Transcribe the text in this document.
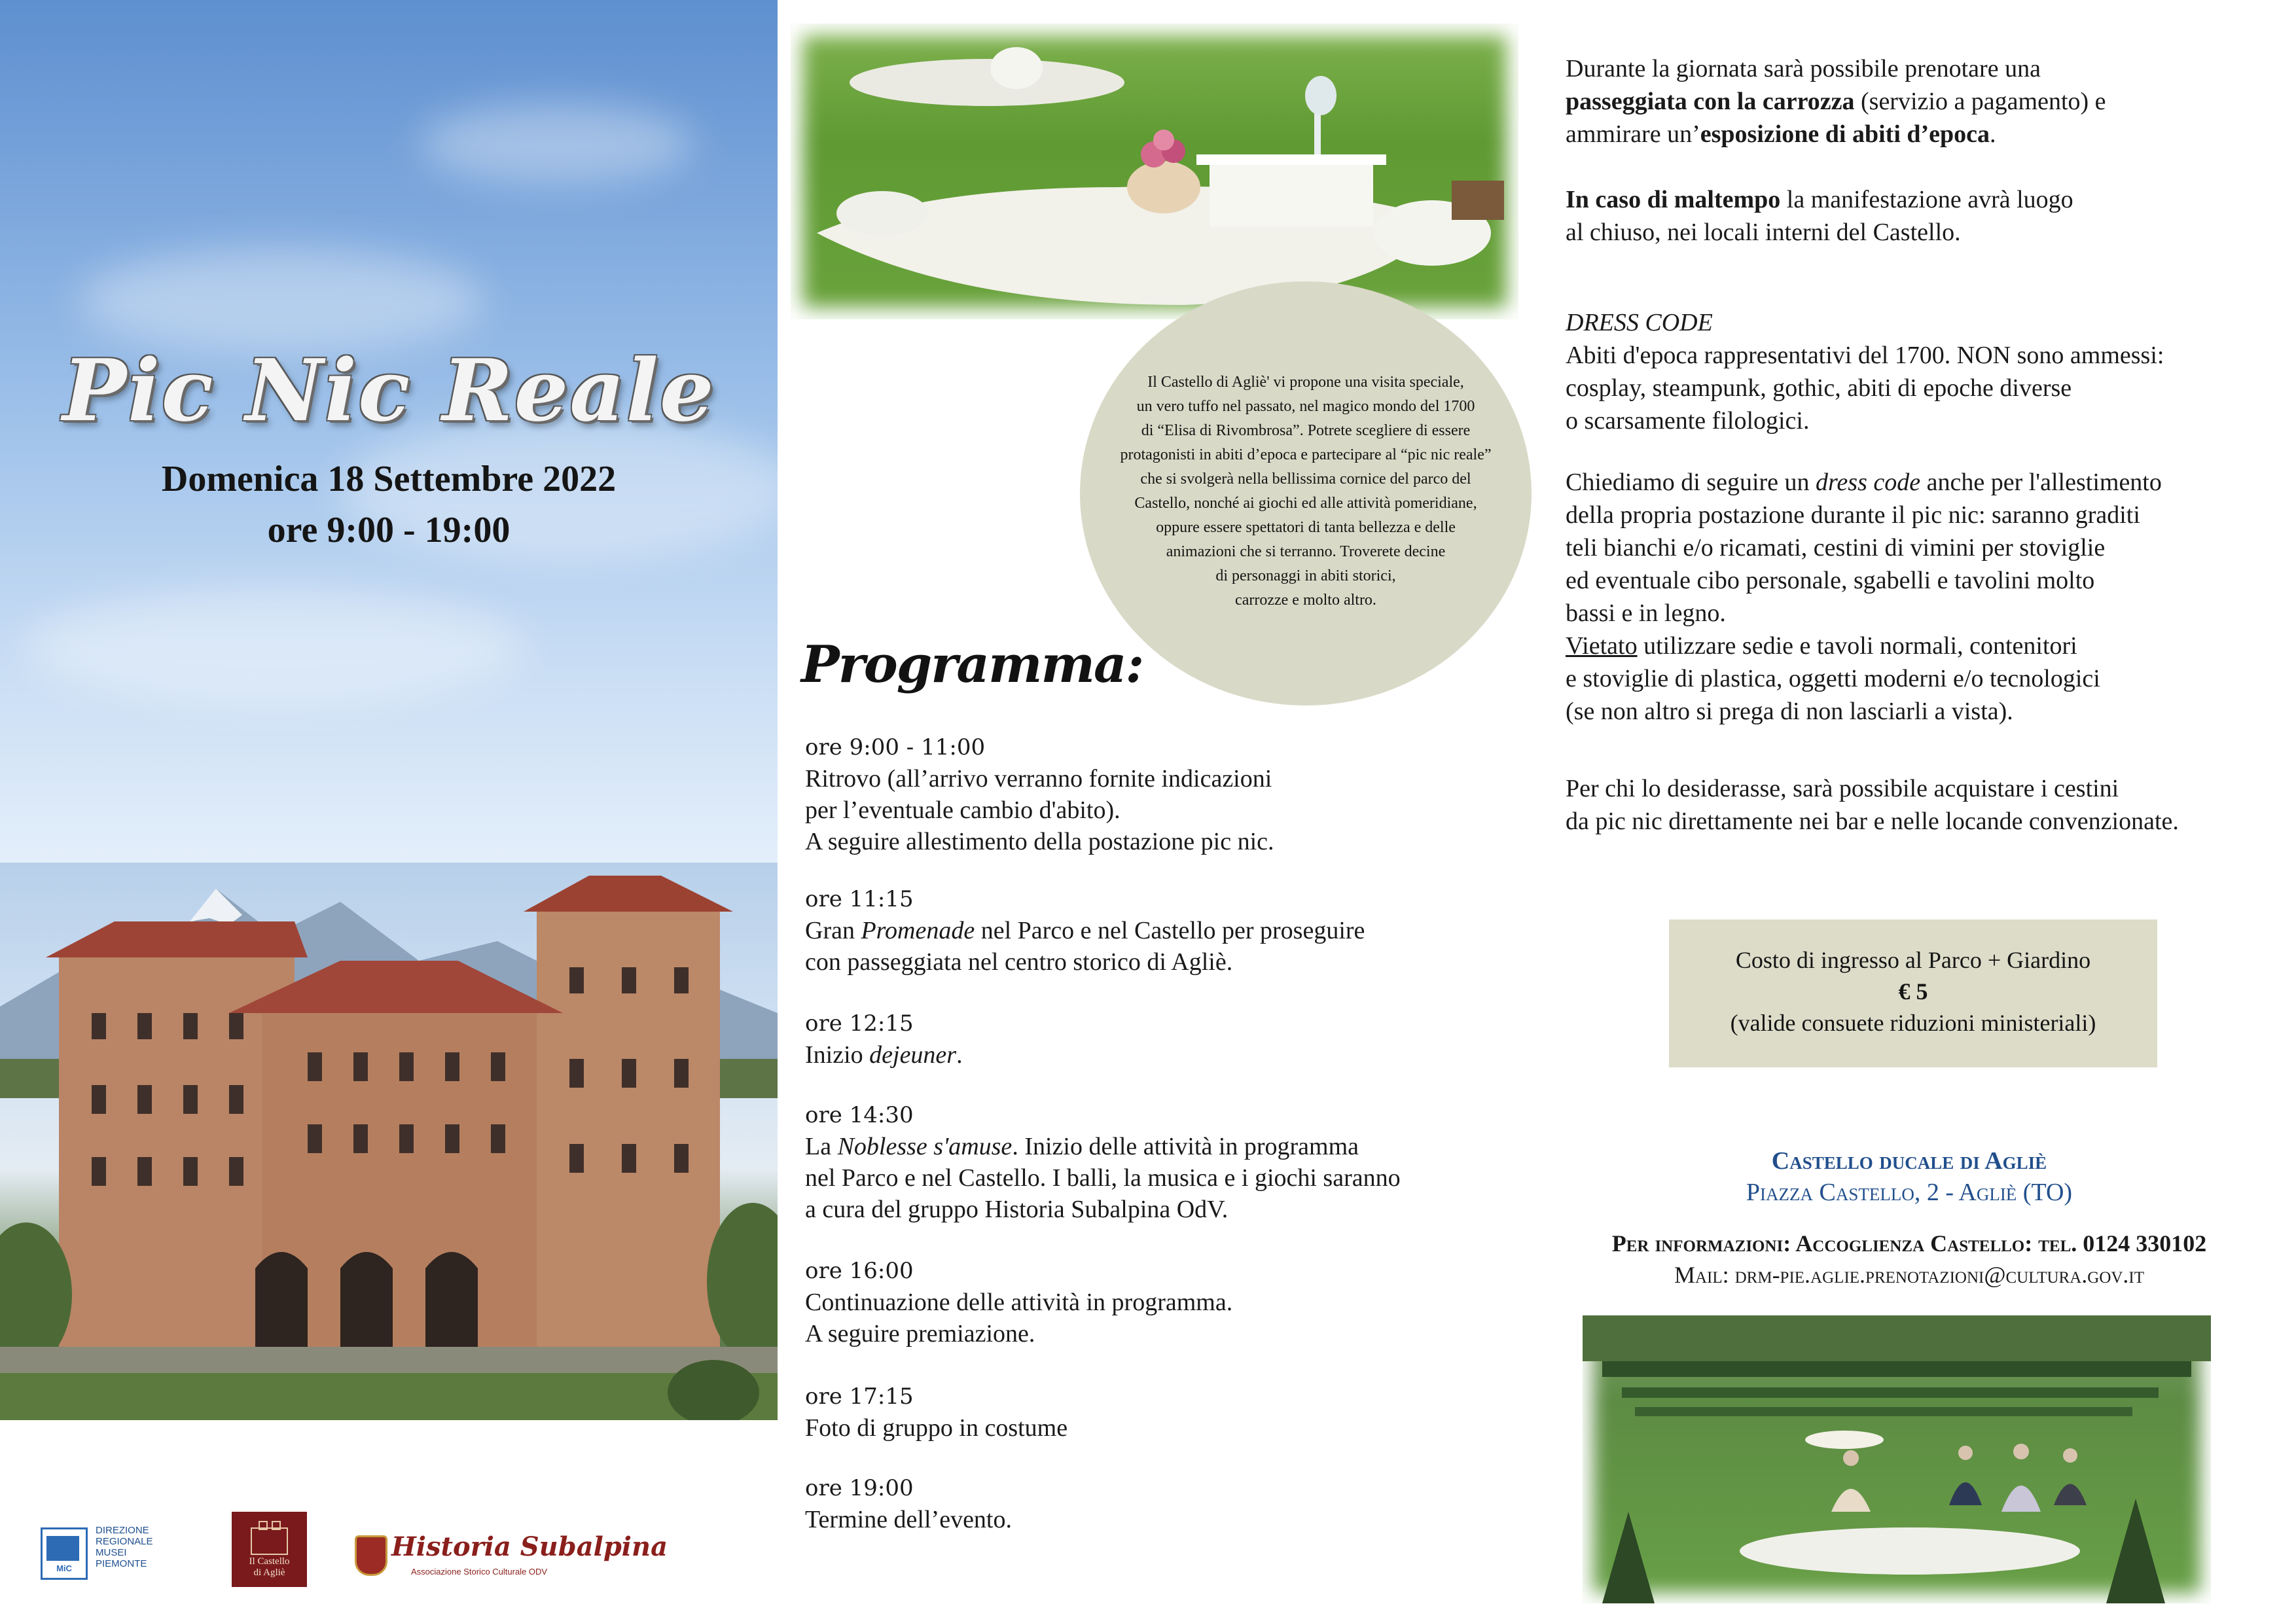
Pic Nic Reale
Domenica 18 Settembre 2022
ore 9:00 - 19:00
MiC
DIREZIONE
REGIONALE
MUSEI
PIEMONTE	Il Castello
di Agliè
Historia Subalpina
Associazione Storico Culturale ODV
Il Castello di Agliè' vi propone una visita speciale,
un vero tuffo nel passato, nel magico mondo del 1700
di “Elisa di Rivombrosa”. Potrete scegliere di essere
protagonisti in abiti d’epoca e partecipare al “pic nic reale”
che si svolgerà nella bellissima cornice del parco del
Castello, nonché ai giochi ed alle attività pomeridiane,
oppure essere spettatori di tanta bellezza e delle
animazioni che si terranno. Troverete decine
di personaggi in abiti storici,
carrozze e molto altro.
Programma:
ore 9:00 - 11:00
Ritrovo (all’arrivo verranno fornite indicazioni
per l’eventuale cambio d'abito).
A seguire allestimento della postazione pic nic.
ore 11:15
Gran Promenade nel Parco e nel Castello per proseguire
con passeggiata nel centro storico di Agliè.
ore 12:15
Inizio dejeuner.
ore 14:30
La Noblesse s'amuse. Inizio delle attività in programma
nel Parco e nel Castello. I balli, la musica e i giochi saranno
a cura del gruppo Historia Subalpina OdV.
ore 16:00
Continuazione delle attività in programma.
A seguire premiazione.
ore 17:15
Foto di gruppo in costume
ore 19:00
Termine dell’evento.
Durante la giornata sarà possibile prenotare una
passeggiata con la carrozza (servizio a pagamento) e
ammirare un’esposizione di abiti d’epoca.
In caso di maltempo la manifestazione avrà luogo
al chiuso, nei locali interni del Castello.
DRESS CODE
Abiti d'epoca rappresentativi del 1700. NON sono ammessi:
cosplay, steampunk, gothic, abiti di epoche diverse
o scarsamente filologici.
Chiediamo di seguire un dress code anche per l'allestimento
della propria postazione durante il pic nic: saranno graditi
teli bianchi e/o ricamati, cestini di vimini per stoviglie
ed eventuale cibo personale, sgabelli e tavolini molto
bassi e in legno.
Vietato utilizzare sedie e tavoli normali, contenitori
e stoviglie di plastica, oggetti moderni e/o tecnologici
(se non altro si prega di non lasciarli a vista).
Per chi lo desiderasse, sarà possibile acquistare i cestini
da pic nic direttamente nei bar e nelle locande convenzionate.
Costo di ingresso al Parco + Giardino
€ 5
(valide consuete riduzioni ministeriali)
Castello ducale di Agliè
Piazza Castello, 2 - Agliè (TO)
Per informazioni: Accoglienza Castello: tel. 0124 330102
Mail: drm-pie.aglie.prenotazioni@cultura.gov.it
